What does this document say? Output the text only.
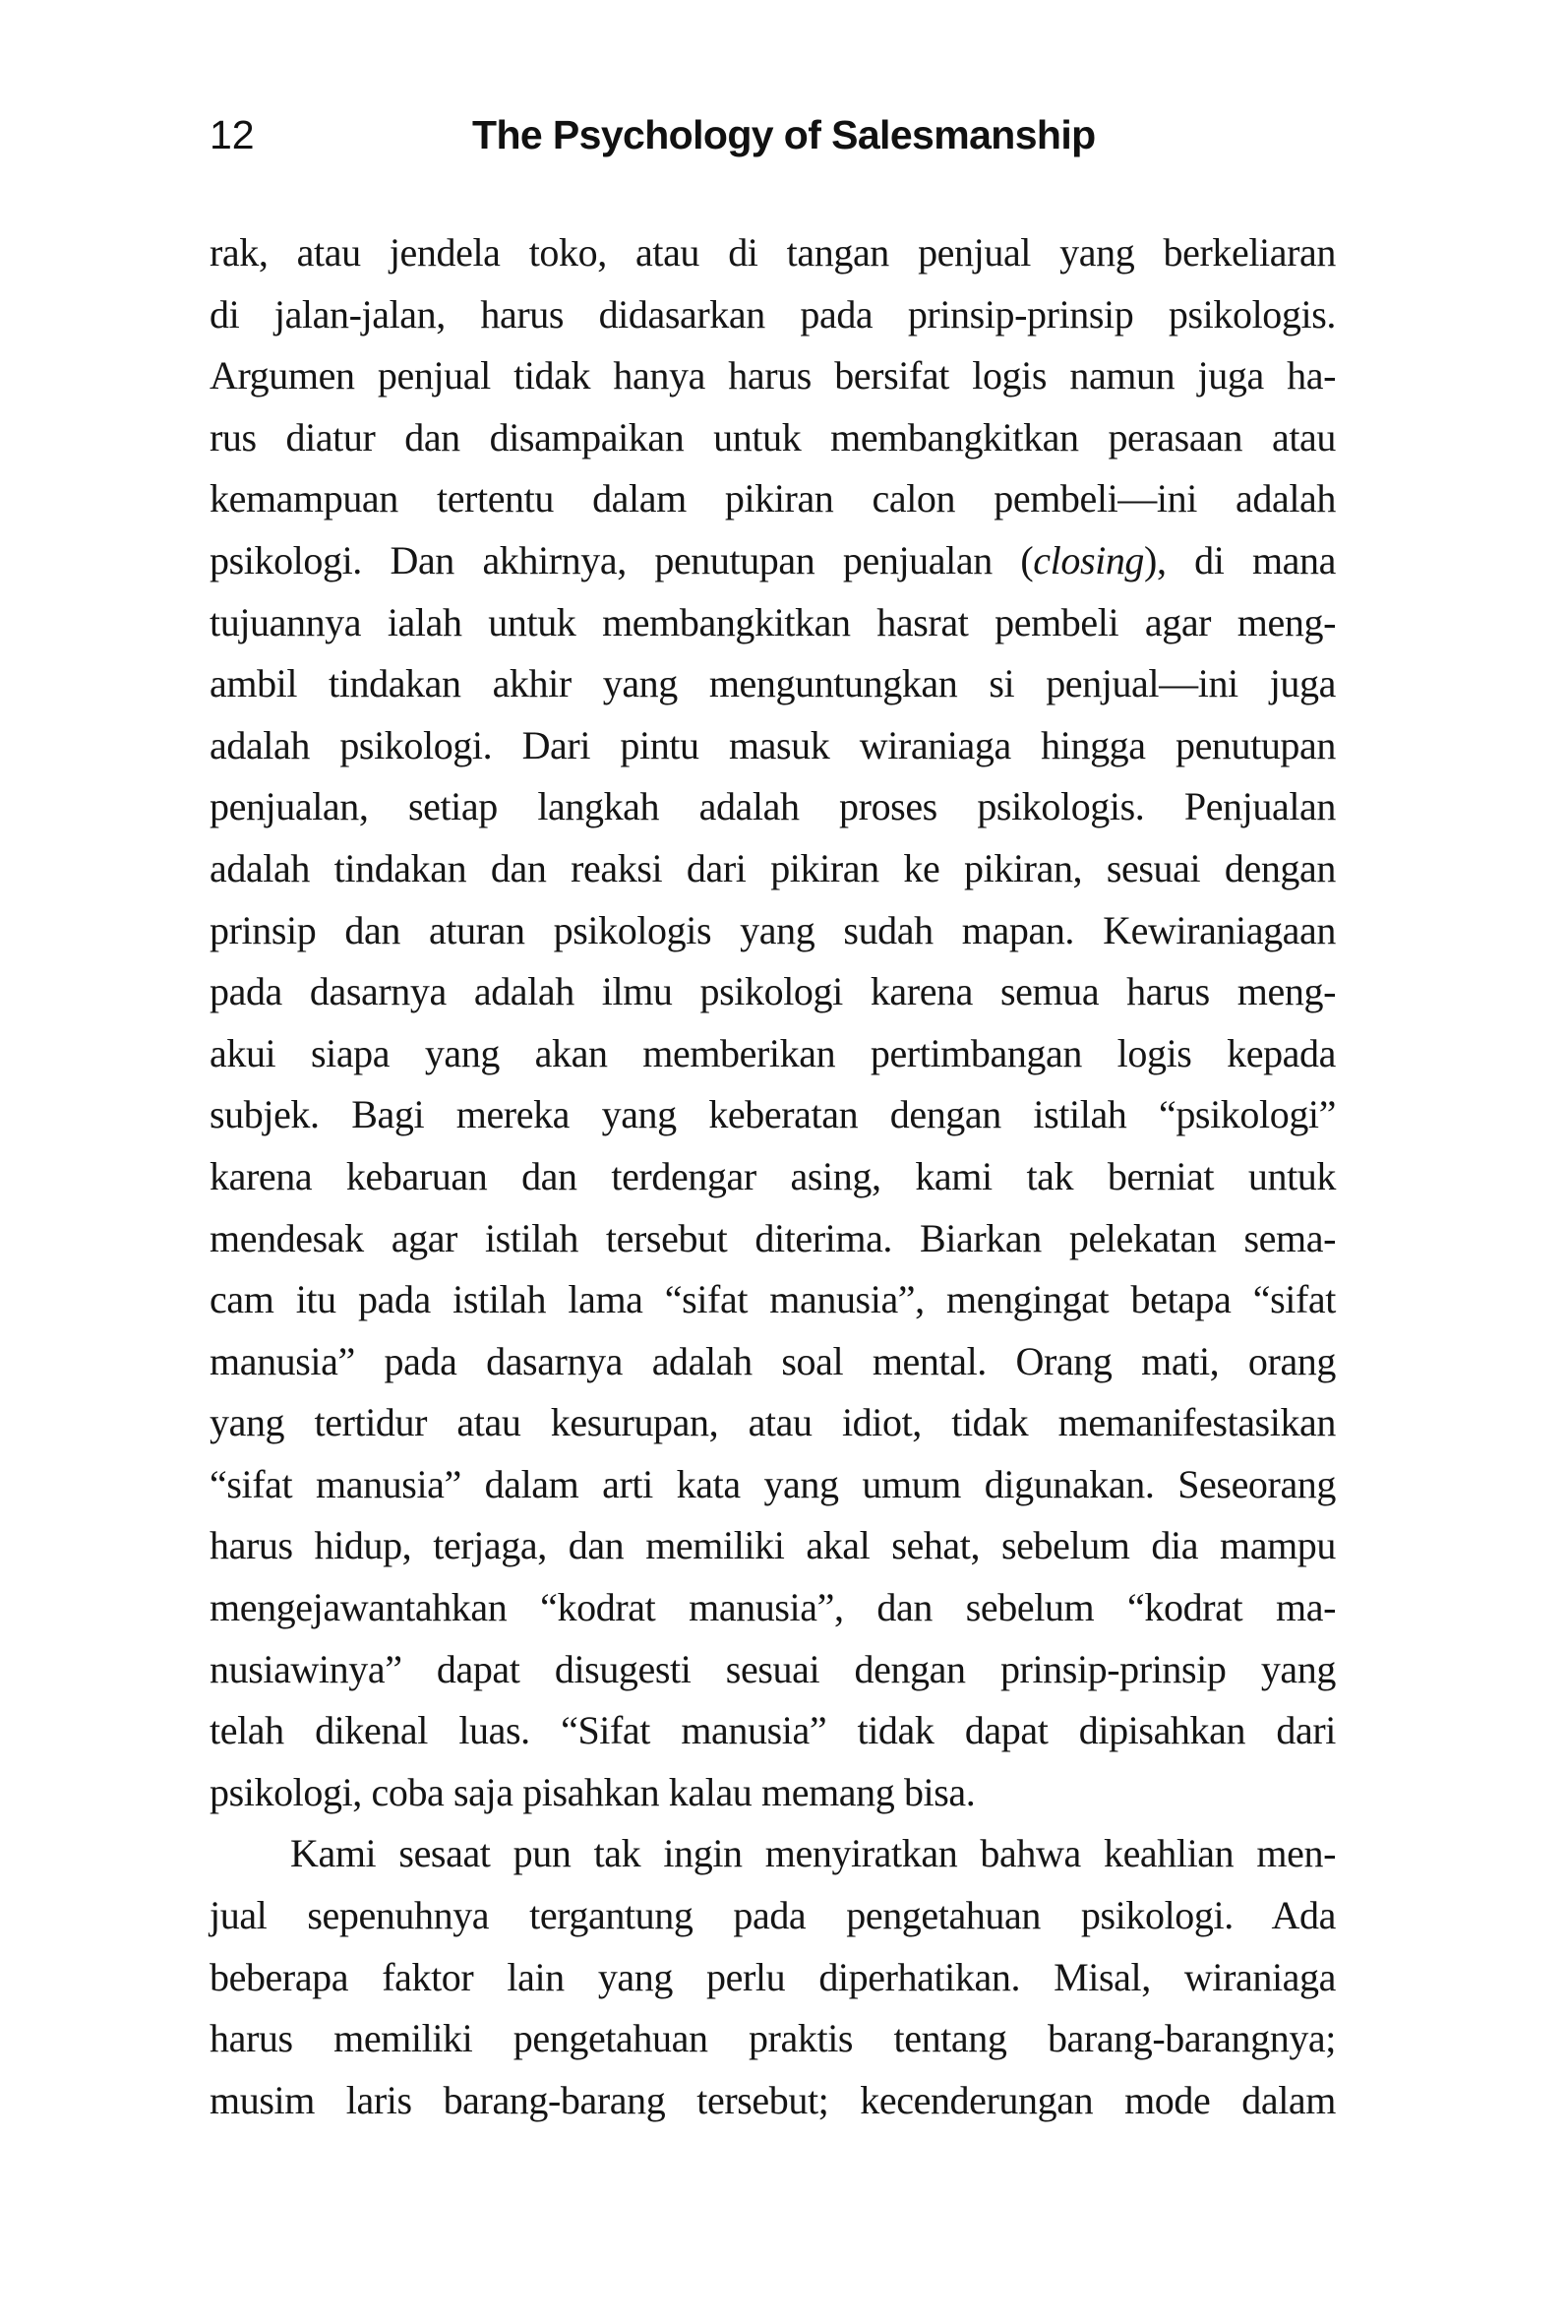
12	The Psychology of Salesmanship
rak, atau jendela toko, atau di tangan penjual yang berkeliaran
di jalan-jalan, harus didasarkan pada prinsip-prinsip psikologis.
Argumen penjual tidak hanya harus bersifat logis namun juga ha-
rus diatur dan disampaikan untuk membangkitkan perasaan atau
kemampuan tertentu dalam pikiran calon pembeli—ini adalah
psikologi. Dan akhirnya, penutupan penjualan (closing), di mana
tujuannya ialah untuk membangkitkan hasrat pembeli agar meng-
ambil tindakan akhir yang menguntungkan si penjual—ini juga
adalah psikologi. Dari pintu masuk wiraniaga hingga penutupan
penjualan, setiap langkah adalah proses psikologis. Penjualan
adalah tindakan dan reaksi dari pikiran ke pikiran, sesuai dengan
prinsip dan aturan psikologis yang sudah mapan. Kewiraniagaan
pada dasarnya adalah ilmu psikologi karena semua harus meng-
akui siapa yang akan memberikan pertimbangan logis kepada
subjek. Bagi mereka yang keberatan dengan istilah “psikologi”
karena kebaruan dan terdengar asing, kami tak berniat untuk
mendesak agar istilah tersebut diterima. Biarkan pelekatan sema-
cam itu pada istilah lama “sifat manusia”, mengingat betapa “sifat
manusia” pada dasarnya adalah soal mental. Orang mati, orang
yang tertidur atau kesurupan, atau idiot, tidak memanifestasikan
“sifat manusia” dalam arti kata yang umum digunakan. Seseorang
harus hidup, terjaga, dan memiliki akal sehat, sebelum dia mampu
mengejawantahkan “kodrat manusia”, dan sebelum “kodrat ma-
nusiawinya” dapat disugesti sesuai dengan prinsip-prinsip yang
telah dikenal luas. “Sifat manusia” tidak dapat dipisahkan dari
psikologi, coba saja pisahkan kalau memang bisa.
Kami sesaat pun tak ingin menyiratkan bahwa keahlian men-
jual sepenuhnya tergantung pada pengetahuan psikologi. Ada
beberapa faktor lain yang perlu diperhatikan. Misal, wiraniaga
harus memiliki pengetahuan praktis tentang barang-barangnya;
musim laris barang-barang tersebut; kecenderungan mode dalam
